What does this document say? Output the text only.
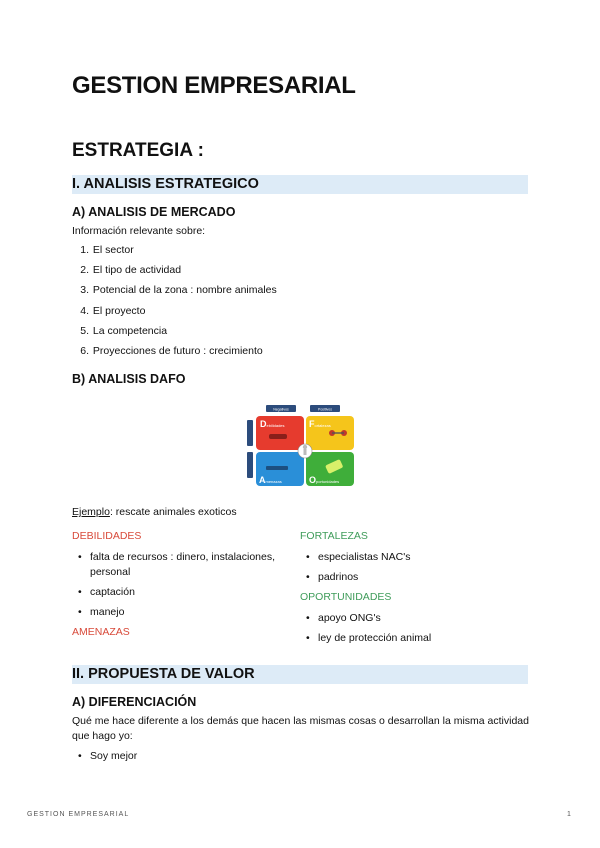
GESTION EMPRESARIAL
ESTRATEGIA :
I. ANALISIS ESTRATEGICO
A) ANALISIS DE MERCADO
Información relevante sobre:
1. El sector
2. El tipo de actividad
3. Potencial de la zona : nombre animales
4. El proyecto
5. La competencia
6. Proyecciones de futuro : crecimiento
B) ANALISIS DAFO
Negativos	Positivos
Debilidades	Fortalezas
Amenazas	Oportunidades
Ejemplo: rescate animales exoticos
DEBILIDADES
• falta de recursos : dinero, instalaciones, personal
• captación
• manejo
AMENAZAS
FORTALEZAS
• especialistas NAC's
• padrinos
OPORTUNIDADES
• apoyo ONG's
• ley de protección animal
II. PROPUESTA DE VALOR
A) DIFERENCIACIÓN
Qué me hace diferente a los demás que hacen las mismas cosas o desarrollan la misma actividad
que hago yo:
• Soy mejor
GESTION EMPRESARIAL	1
